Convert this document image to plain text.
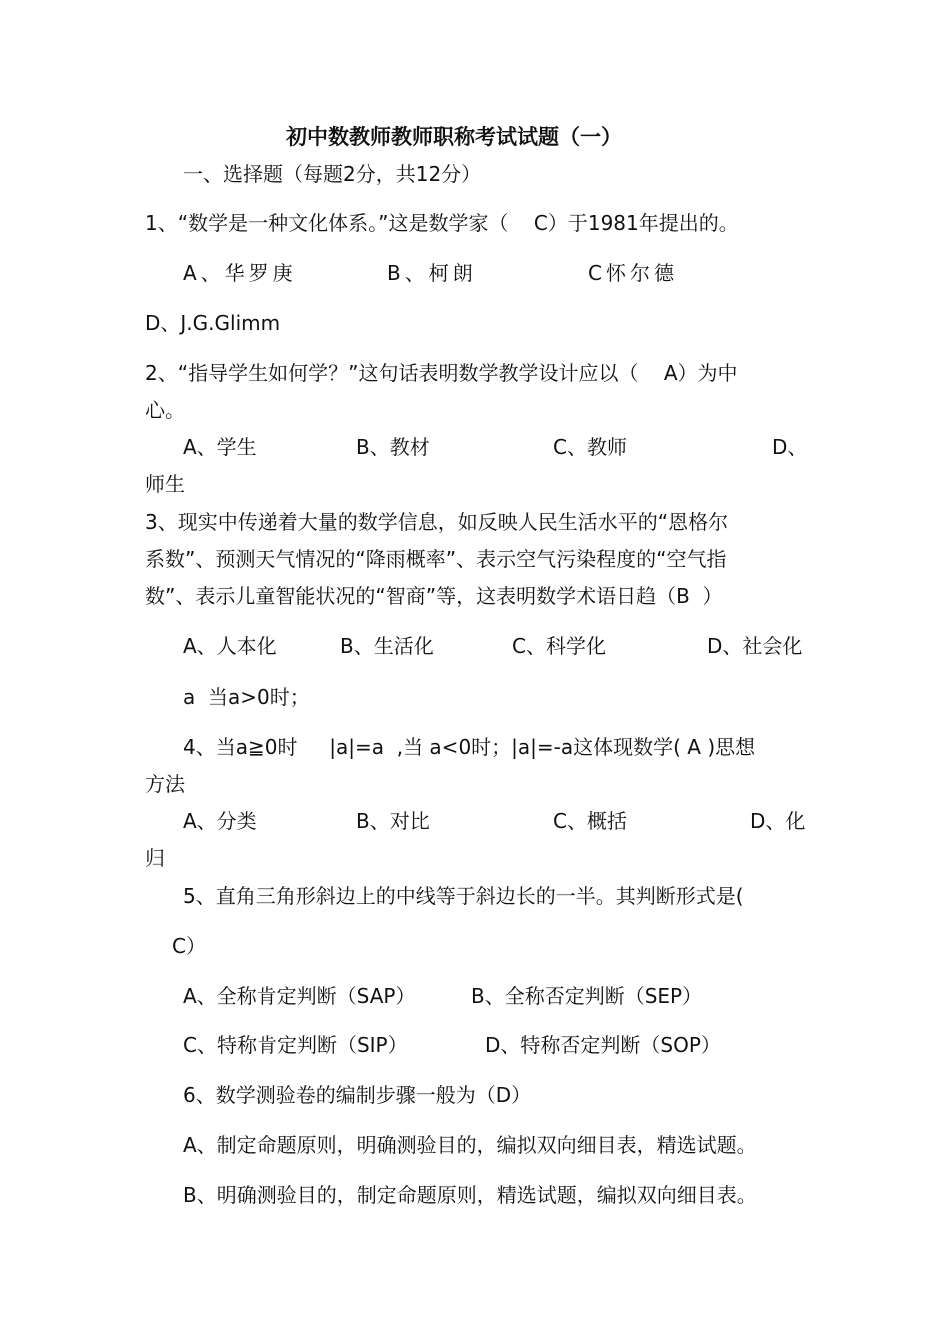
初中数教师教师职称考试试题（一）
一、选择题（每题2分，共12分）
1、“数学是一种文化体系。”这是数学家（    C）于1981年提出的。
A、华罗庚	B、柯朗	C怀尔德
D、J.G.Glimm
2、“指导学生如何学？”这句话表明数学教学设计应以（    A）为中
心。
A、学生	B、教材	C、教师	D、
师生
3、现实中传递着大量的数学信息，如反映人民生活水平的“恩格尔
系数”、预测天气情况的“降雨概率”、表示空气污染程度的“空气指
数”、表示儿童智能状况的“智商”等，这表明数学术语日趋（B  ）
A、人本化	B、生活化	C、科学化	D、社会化
a  当a>0时；
4、当a≧0时     |a|=a  ,当 a<0时；|a|=-a这体现数学( A )思想
方法
A、分类	B、对比	C、概括	D、化
归
5、直角三角形斜边上的中线等于斜边长的一半。其判断形式是(
C）
A、全称肯定判断（SAP）	B、全称否定判断（SEP）
C、特称肯定判断（SIP）	D、特称否定判断（SOP）
6、数学测验卷的编制步骤一般为（D）
A、制定命题原则，明确测验目的，编拟双向细目表，精选试题。
B、明确测验目的，制定命题原则，精选试题，编拟双向细目表。
